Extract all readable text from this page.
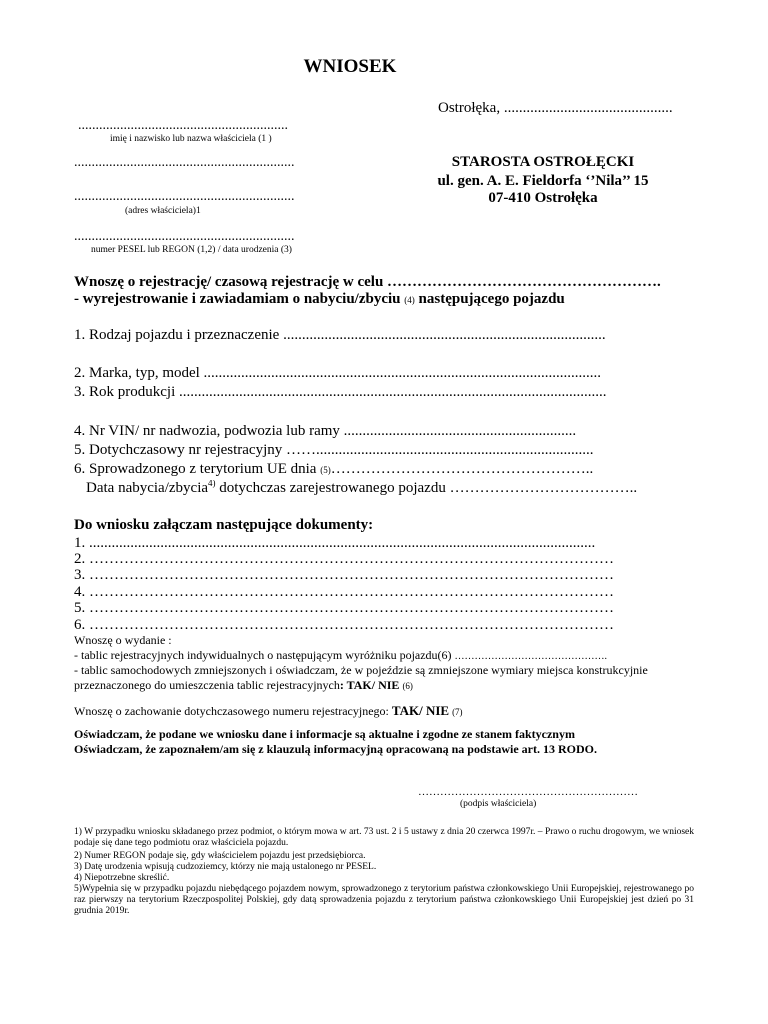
WNIOSEK
Ostrołęka, .............................................
............................................................
imię i nazwisko lub nazwa właściciela (1 )
...............................................................
...............................................................
(adres właściciela)1
...............................................................
numer PESEL lub REGON (1,2) / data urodzenia (3)
STAROSTA OSTROŁĘCKI
ul. gen. A. E. Fieldorfa ‘’Nila’’ 15
07-410 Ostrołęka
Wnoszę o rejestrację/ czasową rejestrację w celu ……………………………………………….
- wyrejestrowanie i zawiadamiam o nabyciu/zbyciu (4) następującego pojazdu
1. Rodzaj pojazdu i przeznaczenie ......................................................................................
2. Marka, typ, model ..........................................................................................................
3. Rok produkcji ..................................................................................................................
4. Nr VIN/ nr nadwozia, podwozia lub ramy ..............................................................
5. Dotychczasowy nr rejestracyjny ……..........................................................................
6. Sprowadzonego z terytorium UE dnia (5)……………………………………………..
Data nabycia/zbycia$^{4)}$ dotychczas zarejestrowanego pojazdu ………………………………..
Do wniosku załączam następujące dokumenty:
1. .......................................................................................................................................
2. ……………………………………………………………………………………………
3. ……………………………………………………………………………………………
4. ……………………………………………………………………………………………
5. ……………………………………………………………………………………………
6. ……………………………………………………………………………………………
Wnoszę o wydanie :
- tablic rejestracyjnych indywidualnych o następującym wyróżniku pojazdu(6) ……………………………………….
- tablic samochodowych zmniejszonych i oświadczam, że w pojeździe są zmniejszone wymiary miejsca konstrukcyjnie
przeznaczonego do umieszczenia tablic rejestracyjnych: TAK/ NIE (6)
Wnoszę o zachowanie dotychczasowego numeru rejestracyjnego: TAK/ NIE (7)
Oświadczam, że podane we wniosku dane i informacje są aktualne i zgodne ze stanem faktycznym
Oświadczam, że zapoznałem/am się z klauzulą informacyjną opracowaną na podstawie art. 13 RODO.
……………………………………………………
(podpis właściciela)
1) W przypadku wniosku składanego przez podmiot, o którym mowa w art. 73 ust. 2 i 5 ustawy z dnia 20 czerwca 1997r. – Prawo o ruchu drogowym, we wniosek podaje się dane tego podmiotu oraz właściciela pojazdu.
2) Numer REGON podaje się, gdy właścicielem pojazdu jest przedsiębiorca.
3) Datę urodzenia wpisują cudzoziemcy, którzy nie mają ustalonego nr PESEL.
4) Niepotrzebne skreślić.
5)Wypełnia się w przypadku pojazdu niebędącego pojazdem nowym, sprowadzonego z terytorium państwa członkowskiego Unii Europejskiej, rejestrowanego po raz pierwszy na terytorium Rzeczpospolitej Polskiej, gdy datą sprowadzenia pojazdu z terytorium państwa członkowskiego Unii Europejskiej jest dzień po 31 grudnia 2019r.
